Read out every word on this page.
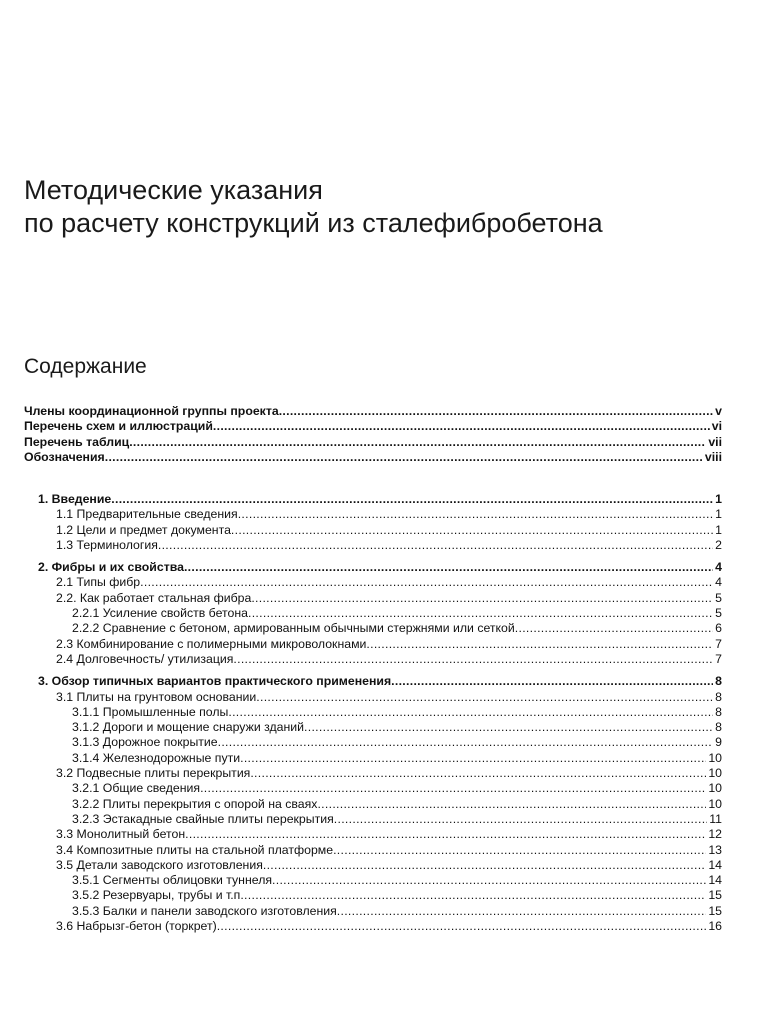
Методические указания
по расчету конструкций из сталефибробетона
Содержание
Члены координационной группы проекта .....	v
Перечень схем и иллюстраций .....	vi
Перечень таблиц .....	vii
Обозначения .....	viii
1. Введение .....	1
1.1 Предварительные сведения .....	1
1.2 Цели и предмет документа .....	1
1.3 Терминология .....	2
2. Фибры и их свойства .....	4
2.1 Типы фибр .....	4
2.2. Как работает стальная фибра .....	5
2.2.1 Усиление свойств бетона .....	5
2.2.2 Сравнение с бетоном, армированным обычными стержнями или сеткой .....	6
2.3 Комбинирование с полимерными микроволокнами .....	7
2.4 Долговечность/ утилизация .....	7
3. Обзор типичных вариантов практического применения .....	8
3.1 Плиты на грунтовом основании .....	8
3.1.1 Промышленные полы .....	8
3.1.2 Дороги и мощение снаружи зданий .....	8
3.1.3 Дорожное покрытие .....	9
3.1.4 Железнодорожные пути .....	10
3.2 Подвесные плиты перекрытия .....	10
3.2.1 Общие сведения .....	10
3.2.2 Плиты перекрытия с опорой на сваях .....	10
3.2.3 Эстакадные свайные плиты перекрытия .....	11
3.3 Монолитный бетон .....	12
3.4 Композитные плиты на стальной платформе .....	13
3.5 Детали заводского изготовления .....	14
3.5.1 Сегменты облицовки туннеля .....	14
3.5.2 Резервуары, трубы и т.п .....	15
3.5.3 Балки и панели заводского изготовления .....	15
3.6 Набрызг-бетон (торкрет) .....	16
